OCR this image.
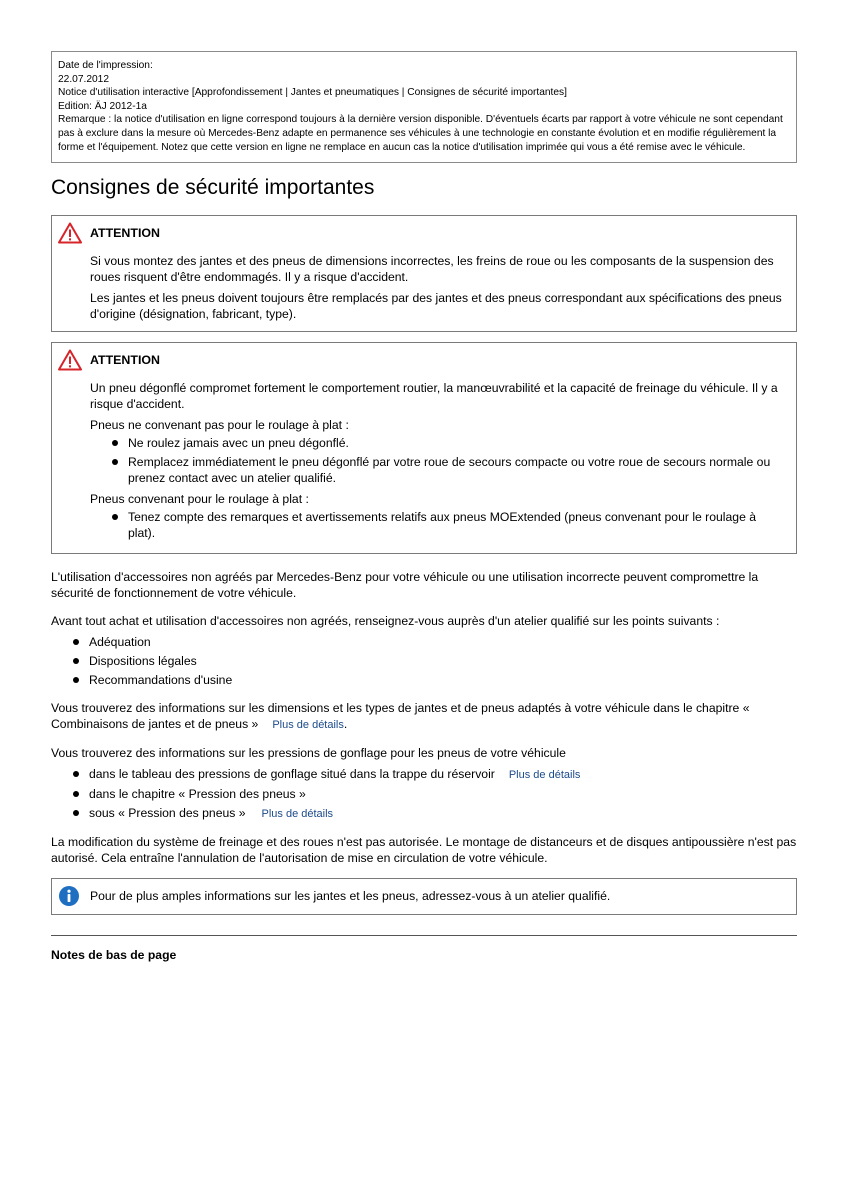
Date de l'impression:
22.07.2012
Notice d'utilisation interactive [Approfondissement | Jantes et pneumatiques | Consignes de sécurité importantes]
Edition: ÄJ 2012-1a
Remarque : la notice d'utilisation en ligne correspond toujours à la dernière version disponible. D'éventuels écarts par rapport à votre véhicule ne sont cependant pas à exclure dans la mesure où Mercedes-Benz adapte en permanence ses véhicules à une technologie en constante évolution et en modifie régulièrement la forme et l'équipement. Notez que cette version en ligne ne remplace en aucun cas la notice d'utilisation imprimée qui vous a été remise avec le véhicule.
Consignes de sécurité importantes
ATTENTION

Si vous montez des jantes et des pneus de dimensions incorrectes, les freins de roue ou les composants de la suspension des roues risquent d'être endommagés. Il y a risque d'accident.

Les jantes et les pneus doivent toujours être remplacés par des jantes et des pneus correspondant aux spécifications des pneus d'origine (désignation, fabricant, type).

ATTENTION

Un pneu dégonflé compromet fortement le comportement routier, la manœuvrabilité et la capacité de freinage du véhicule. Il y a risque d'accident.

Pneus ne convenant pas pour le roulage à plat :

Ne roulez jamais avec un pneu dégonflé.
Remplacez immédiatement le pneu dégonflé par votre roue de secours compacte ou votre roue de secours normale ou prenez contact avec un atelier qualifié.

Pneus convenant pour le roulage à plat :

Tenez compte des remarques et avertissements relatifs aux pneus MOExtended (pneus convenant pour le roulage à plat).

L'utilisation d'accessoires non agréés par Mercedes-Benz pour votre véhicule ou une utilisation incorrecte peuvent compromettre la sécurité de fonctionnement de votre véhicule.

Avant tout achat et utilisation d'accessoires non agréés, renseignez-vous auprès d'un atelier qualifié sur les points suivants :

Adéquation
Dispositions légales
Recommandations d'usine

Vous trouverez des informations sur les dimensions et les types de jantes et de pneus adaptés à votre véhicule dans le chapitre « Combinaisons de jantes et de pneus » Plus de détails.

Vous trouverez des informations sur les pressions de gonflage pour les pneus de votre véhicule

dans le tableau des pressions de gonflage situé dans la trappe du réservoir Plus de détails
dans le chapitre « Pression des pneus »
sous « Pression des pneus » Plus de détails

La modification du système de freinage et des roues n'est pas autorisée. Le montage de distanceurs et de disques antipoussière n'est pas autorisé. Cela entraîne l'annulation de l'autorisation de mise en circulation de votre véhicule.

Pour de plus amples informations sur les jantes et les pneus, adressez-vous à un atelier qualifié.
Notes de bas de page
